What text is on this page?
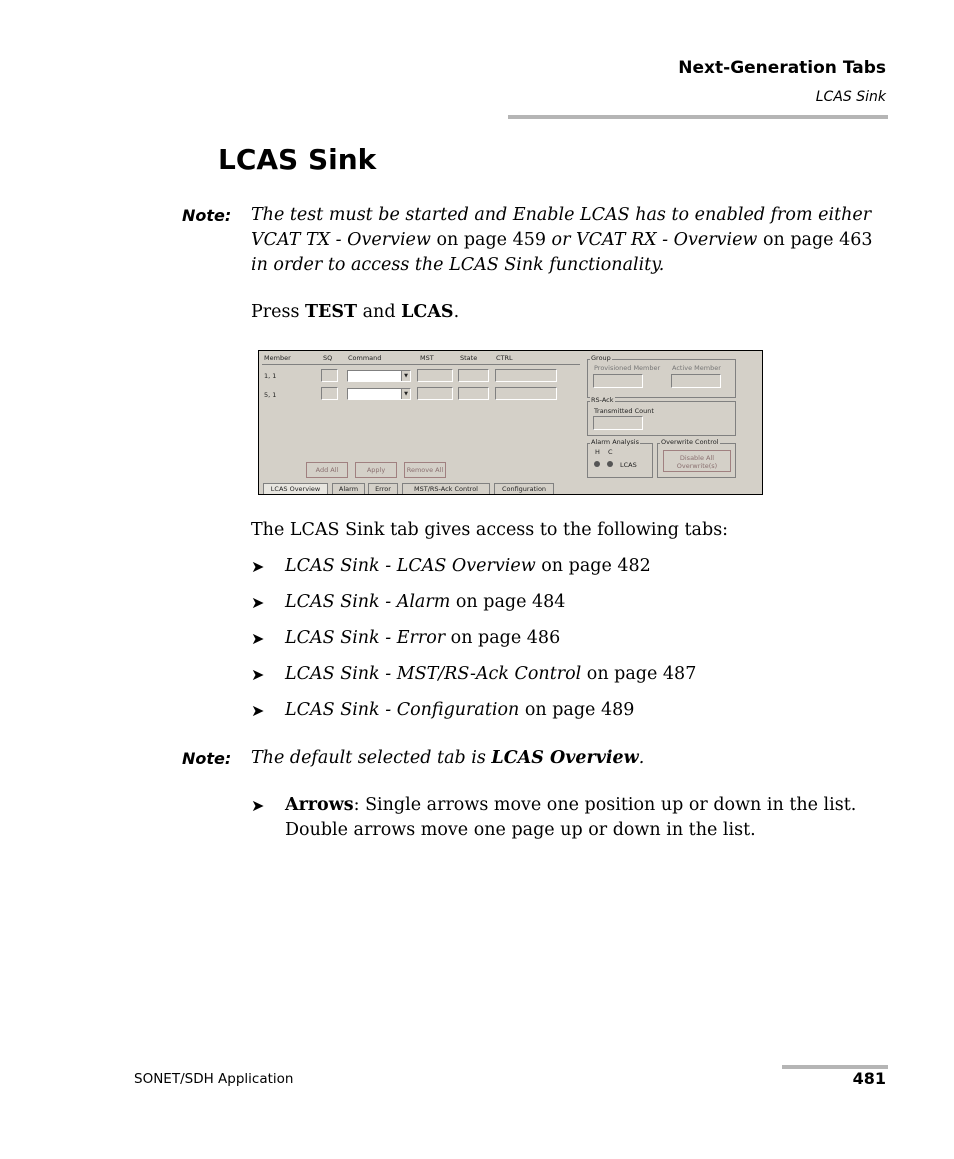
Next-Generation Tabs
LCAS Sink
LCAS Sink
Note: The test must be started and Enable LCAS has to enabled from either VCAT TX - Overview on page 459 or VCAT RX - Overview on page 463 in order to access the LCAS Sink functionality.
Press TEST and LCAS.
Member	SQ Command	MST	State	CTRL
1, 1	▼
5, 1	▼
Add All	Apply	Remove All
Group
Provisioned Member Active Member
RS-Ack
Transmitted Count
Alarm Analysis
H C
LCAS
Overwrite Control
Disable All Overwrite(s)
LCAS Overview	Alarm	Error	MST/RS-Ack Control	Configuration
The LCAS Sink tab gives access to the following tabs:
➤ LCAS Sink - LCAS Overview on page 482
➤ LCAS Sink - Alarm on page 484
➤ LCAS Sink - Error on page 486
➤ LCAS Sink - MST/RS-Ack Control on page 487
➤ LCAS Sink - Configuration on page 489
Note: The default selected tab is LCAS Overview.
➤ Arrows: Single arrows move one position up or down in the list.
Double arrows move one page up or down in the list.
SONET/SDH Application	481
